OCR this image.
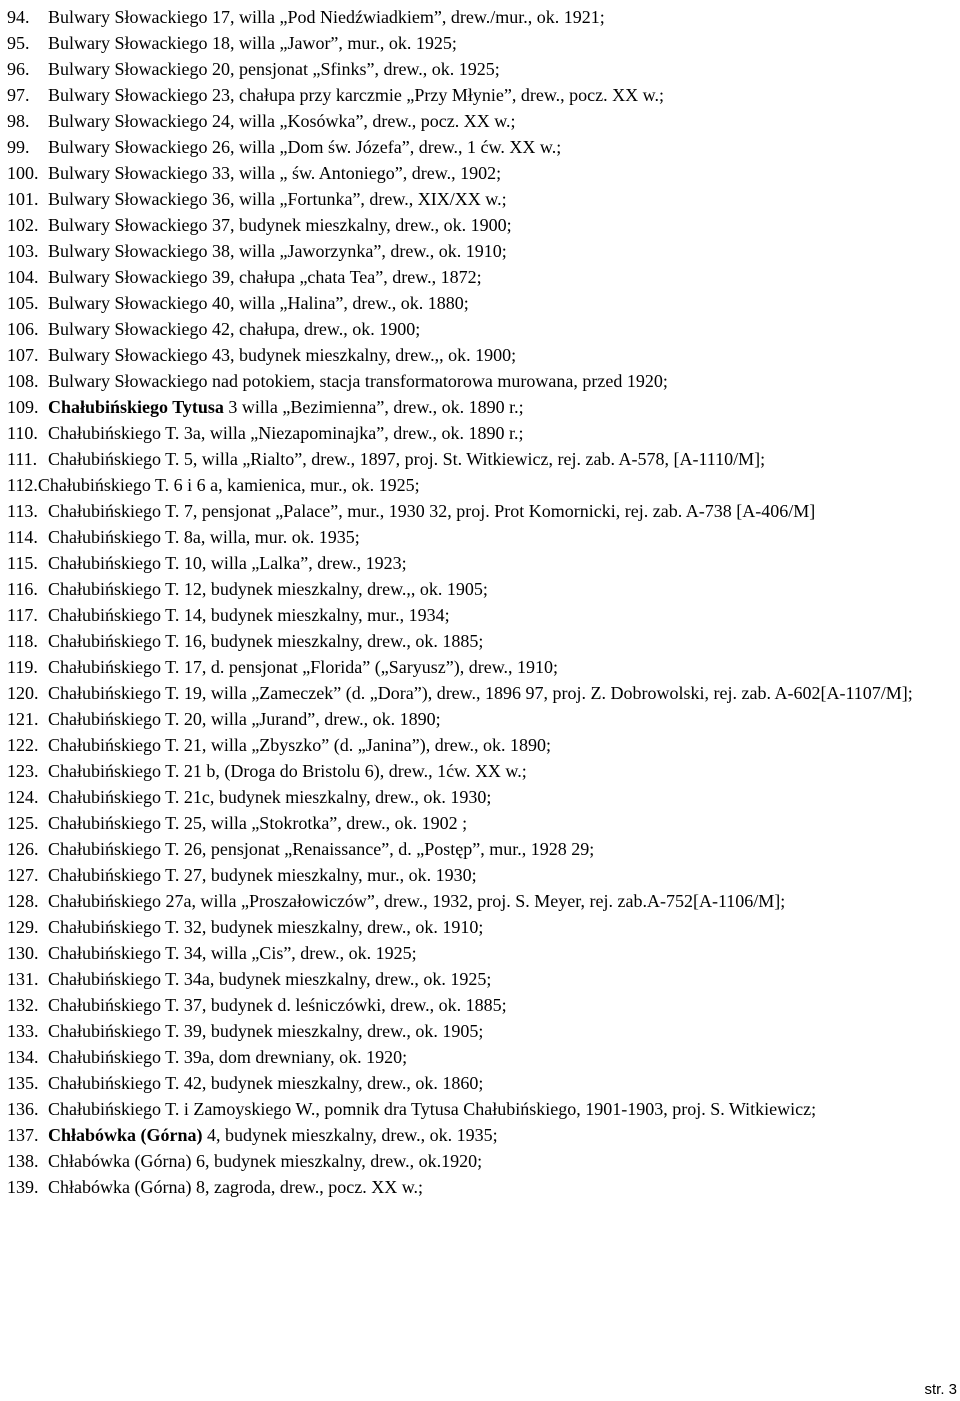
94. Bulwary Słowackiego 17, willa „Pod Niedźwiadkiem”, drew./mur., ok. 1921;
95. Bulwary Słowackiego 18, willa „Jawor”, mur., ok. 1925;
96. Bulwary Słowackiego 20, pensjonat „Sfinks”, drew., ok. 1925;
97. Bulwary Słowackiego 23, chałupa przy karczmie „Przy Młynie”, drew., pocz. XX w.;
98. Bulwary Słowackiego 24, willa „Kosówka”, drew., pocz. XX w.;
99. Bulwary Słowackiego 26, willa „Dom św. Józefa”, drew., 1 ćw. XX w.;
100. Bulwary Słowackiego 33, willa „ św. Antoniego”, drew., 1902;
101. Bulwary Słowackiego 36, willa „Fortunka”, drew., XIX/XX w.;
102. Bulwary Słowackiego 37, budynek mieszkalny, drew., ok. 1900;
103. Bulwary Słowackiego 38, willa „Jaworzynka”, drew., ok. 1910;
104. Bulwary Słowackiego 39, chałupa „chata Tea”, drew., 1872;
105. Bulwary Słowackiego 40, willa „Halina”, drew., ok. 1880;
106. Bulwary Słowackiego 42, chałupa, drew., ok. 1900;
107. Bulwary Słowackiego 43, budynek mieszkalny, drew.,, ok. 1900;
108. Bulwary Słowackiego nad potokiem, stacja transformatorowa murowana, przed 1920;
109. Chałubińskiego Tytusa 3 willa „Bezimienna”, drew., ok. 1890 r.;
110. Chałubińskiego T. 3a, willa „Niezapominajka”, drew., ok. 1890 r.;
111. Chałubińskiego T. 5, willa „Rialto”, drew., 1897, proj. St. Witkiewicz, rej. zab. A-578, [A-1110/M];
112.Chałubińskiego T. 6 i 6 a, kamienica, mur., ok. 1925;
113. Chałubińskiego T. 7, pensjonat „Palace”, mur., 1930 32, proj. Prot Komornicki, rej. zab. A-738 [A-406/M]
114. Chałubińskiego T. 8a, willa, mur. ok. 1935;
115. Chałubińskiego T. 10, willa „Lalka”, drew., 1923;
116. Chałubińskiego T. 12, budynek mieszkalny, drew.,, ok. 1905;
117. Chałubińskiego T. 14, budynek mieszkalny, mur., 1934;
118. Chałubińskiego T. 16, budynek mieszkalny, drew., ok. 1885;
119. Chałubińskiego T. 17, d. pensjonat „Florida” („Saryusz”), drew., 1910;
120. Chałubińskiego T. 19, willa „Zameczek” (d. „Dora”), drew., 1896 97, proj. Z. Dobrowolski, rej. zab. A-602[A-1107/M];
121. Chałubińskiego T. 20, willa „Jurand”, drew., ok. 1890;
122. Chałubińskiego T. 21, willa „Zbyszko” (d. „Janina”), drew., ok. 1890;
123. Chałubińskiego T. 21 b, (Droga do Bristolu 6), drew., 1ćw. XX w.;
124. Chałubińskiego T. 21c, budynek mieszkalny, drew., ok. 1930;
125. Chałubińskiego T. 25, willa „Stokrotka”, drew., ok. 1902 ;
126. Chałubińskiego T. 26, pensjonat „Renaissance”, d. „Postęp”, mur., 1928 29;
127. Chałubińskiego T. 27, budynek mieszkalny, mur., ok. 1930;
128. Chałubińskiego 27a, willa „Proszałowiczów”, drew., 1932, proj. S. Meyer, rej. zab.A-752[A-1106/M];
129. Chałubińskiego T. 32, budynek mieszkalny, drew., ok. 1910;
130. Chałubińskiego T. 34, willa „Cis”, drew., ok. 1925;
131. Chałubińskiego T. 34a, budynek mieszkalny, drew., ok. 1925;
132. Chałubińskiego T. 37, budynek d. leśniczówki, drew., ok. 1885;
133. Chałubińskiego T. 39, budynek mieszkalny, drew., ok. 1905;
134. Chałubińskiego T. 39a, dom drewniany, ok. 1920;
135. Chałubińskiego T. 42, budynek mieszkalny, drew., ok. 1860;
136. Chałubińskiego T. i Zamoyskiego W., pomnik dra Tytusa Chałubińskiego, 1901-1903, proj. S. Witkiewicz;
137. Chłabówka (Górna) 4, budynek mieszkalny, drew., ok. 1935;
138. Chłabówka (Górna) 6, budynek mieszkalny, drew., ok.1920;
139. Chłabówka (Górna) 8, zagroda, drew., pocz. XX w.;
str. 3
